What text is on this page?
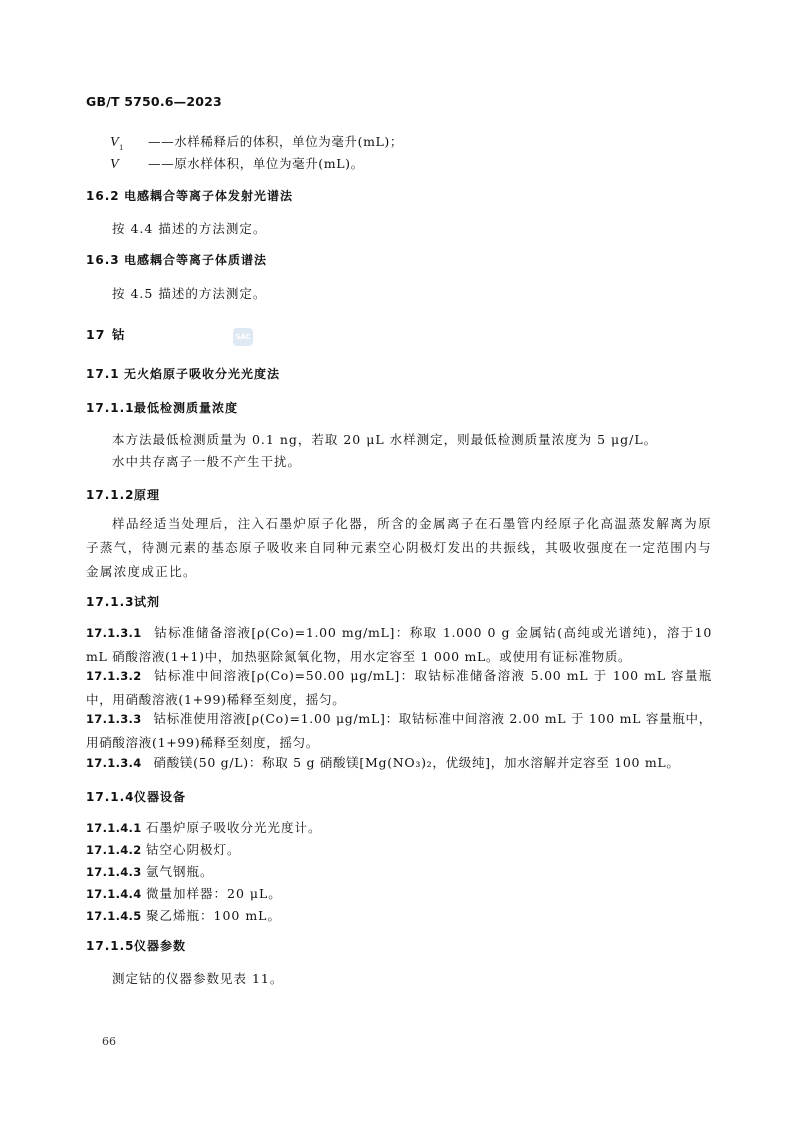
GB/T 5750.6—2023
$V_1$ ——水样稀释后的体积，单位为毫升(mL)；
V ——原水样体积，单位为毫升(mL)。
16.2 电感耦合等离子体发射光谱法
按 4.4 描述的方法测定。
16.3 电感耦合等离子体质谱法
按 4.5 描述的方法测定。
17 钴	SAC
17.1 无火焰原子吸收分光光度法
17.1.1最低检测质量浓度
本方法最低检测质量为 0.1 ng，若取 20 μL 水样测定，则最低检测质量浓度为 5 μg/L。
水中共存离子一般不产生干扰。
17.1.2原理
样品经适当处理后，注入石墨炉原子化器，所含的金属离子在石墨管内经原子化高温蒸发解离为原子蒸气，待测元素的基态原子吸收来自同种元素空心阴极灯发出的共振线，其吸收强度在一定范围内与金属浓度成正比。
17.1.3试剂
17.1.3.1 钴标准储备溶液[ρ(Co)=1.00 mg/mL]：称取 1.000 0 g 金属钴(高纯或光谱纯)，溶于10 mL 硝酸溶液(1+1)中，加热驱除氮氧化物，用水定容至 1 000 mL。或使用有证标准物质。
17.1.3.2 钴标准中间溶液[ρ(Co)=50.00 μg/mL]：取钴标准储备溶液 5.00 mL 于 100 mL 容量瓶中，用硝酸溶液(1+99)稀释至刻度，摇匀。
17.1.3.3 钴标准使用溶液[ρ(Co)=1.00 μg/mL]：取钴标准中间溶液 2.00 mL 于 100 mL 容量瓶中，用硝酸溶液(1+99)稀释至刻度，摇匀。
17.1.3.4 硝酸镁(50 g/L)：称取 5 g 硝酸镁[Mg(NO₃)₂，优级纯]，加水溶解并定容至 100 mL。
17.1.4仪器设备
17.1.4.1 石墨炉原子吸收分光光度计。
17.1.4.2 钴空心阴极灯。
17.1.4.3 氩气钢瓶。
17.1.4.4 微量加样器：20 μL。
17.1.4.5 聚乙烯瓶：100 mL。
17.1.5仪器参数
测定钴的仪器参数见表 11。
66
